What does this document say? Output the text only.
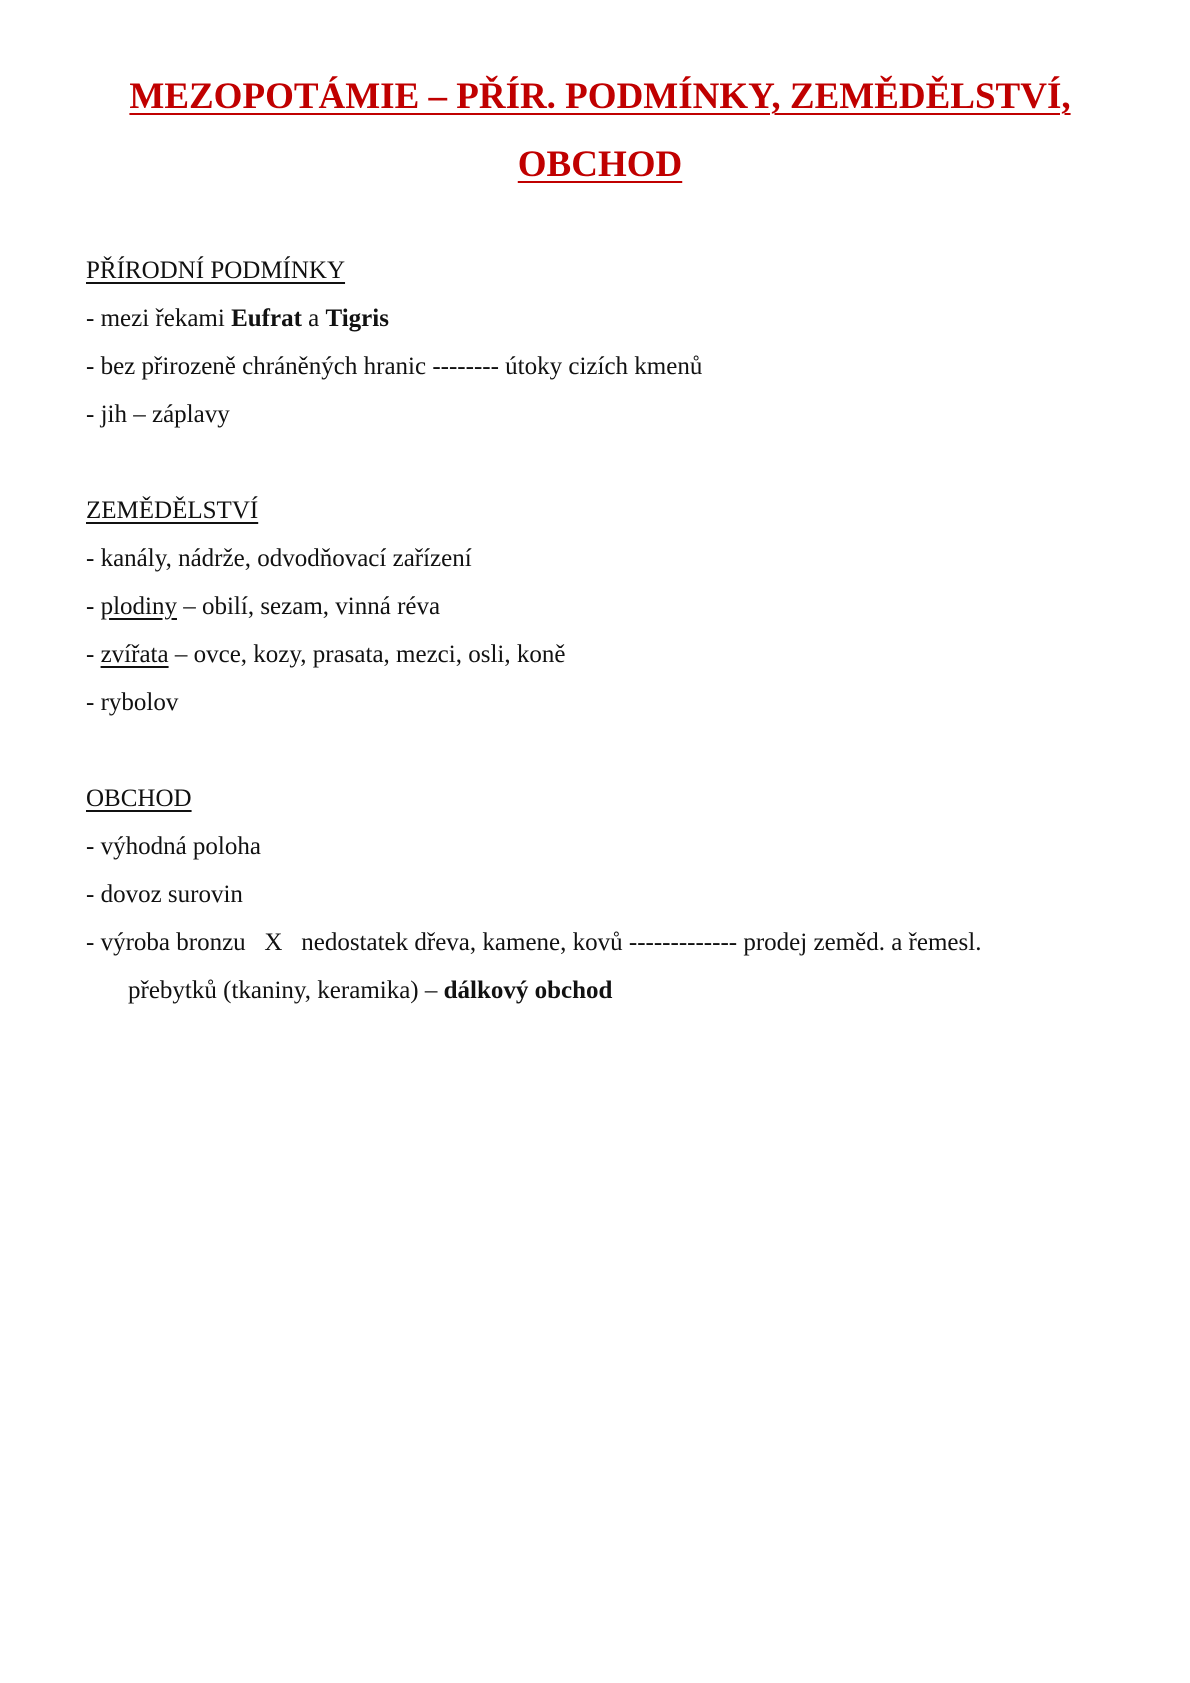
MEZOPOTÁMIE – PŘÍR. PODMÍNKY, ZEMĚDĚLSTVÍ,
OBCHOD
PŘÍRODNÍ PODMÍNKY
- mezi řekami Eufrat a Tigris
- bez přirozeně chráněných hranic -------- útoky cizích kmenů
- jih – záplavy
ZEMĚDĚLSTVÍ
- kanály, nádrže, odvodňovací zařízení
- plodiny – obilí, sezam, vinná réva
- zvířata – ovce, kozy, prasata, mezci, osli, koně
- rybolov
OBCHOD
- výhodná poloha
- dovoz surovin
- výroba bronzu   X   nedostatek dřeva, kamene, kovů ------------- prodej zeměd. a řemesl.
přebytků (tkaniny, keramika) – dálkový obchod
